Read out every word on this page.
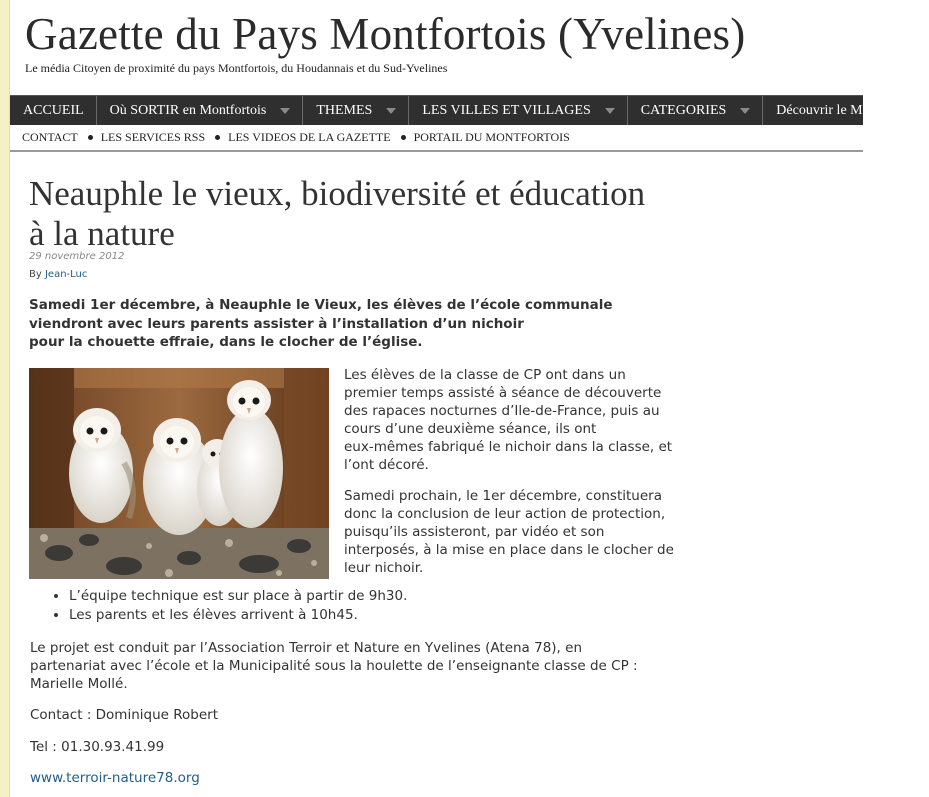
Gazette du Pays Montfortois (Yvelines)
Le média Citoyen de proximité du pays Montfortois, du Houdannais et du Sud-Yvelines
ACCUEIL Où SORTIR en Montfortois	THEMES	LES VILLES ET VILLAGES	CATEGORIES	Découvrir le Montfortois
CONTACT LES SERVICES RSS LES VIDEOS DE LA GAZETTE PORTAIL DU MONTFORTOIS
Neauphle le vieux, biodiversité et éducation à la nature
29 novembre 2012
By Jean-Luc
Samedi 1er décembre, à Neauphle le Vieux, les élèves de l’école communale
viendront avec leurs parents assister à l’installation d’un nichoir
pour la chouette effraie, dans le clocher de l’église.
Les élèves de la classe de CP ont dans un
premier temps assisté à séance de découverte
des rapaces nocturnes d’Ile-de-France, puis au
cours d’une deuxième séance, ils ont
eux-mêmes fabriqué le nichoir dans la classe, et
l’ont décoré.
Samedi prochain, le 1er décembre, constituera
donc la conclusion de leur action de protection,
puisqu’ils assisteront, par vidéo et son
interposés, à la mise en place dans le clocher de
leur nichoir.
• L’équipe technique est sur place à partir de 9h30.
• Les parents et les élèves arrivent à 10h45.
Le projet est conduit par l’Association Terroir et Nature en Yvelines (Atena 78), en
partenariat avec l’école et la Municipalité sous la houlette de l’enseignante classe de CP :
Marielle Mollé.
Contact : Dominique Robert
Tel : 01.30.93.41.99
www.terroir-nature78.org
